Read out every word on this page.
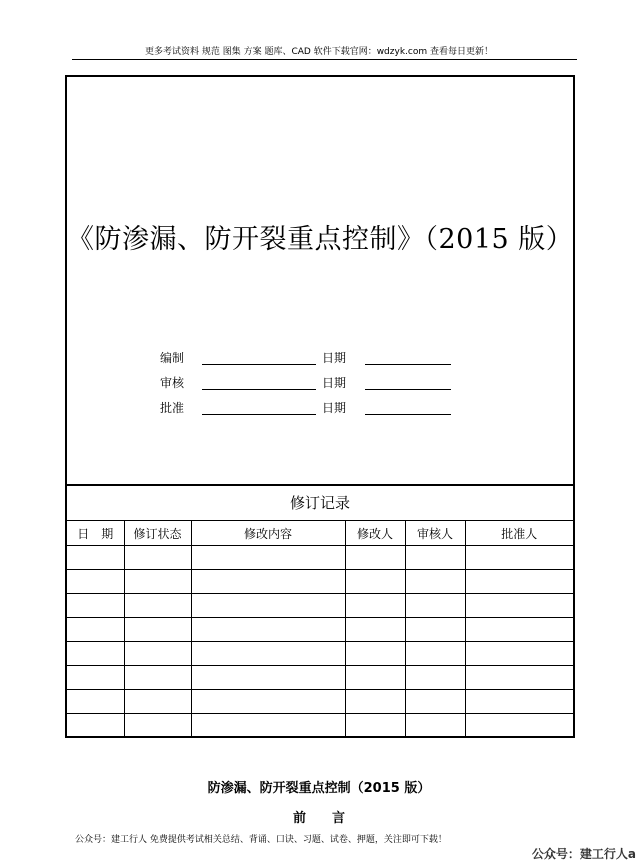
更多考试资料 规范 图集 方案 题库、CAD 软件下载官网：wdzyk.com 查看每日更新！
《防渗漏、防开裂重点控制》（2015 版）
编制	日期
审核	日期
批准	日期
修订记录
日　期	修订状态	修改内容	修改人	审核人	批准人

防渗漏、防开裂重点控制（2015 版）
前　　言
公众号：建工行人 免费提供考试相关总结、背诵、口诀、习题、试卷、押题，关注即可下载！
公众号：建工行人a
